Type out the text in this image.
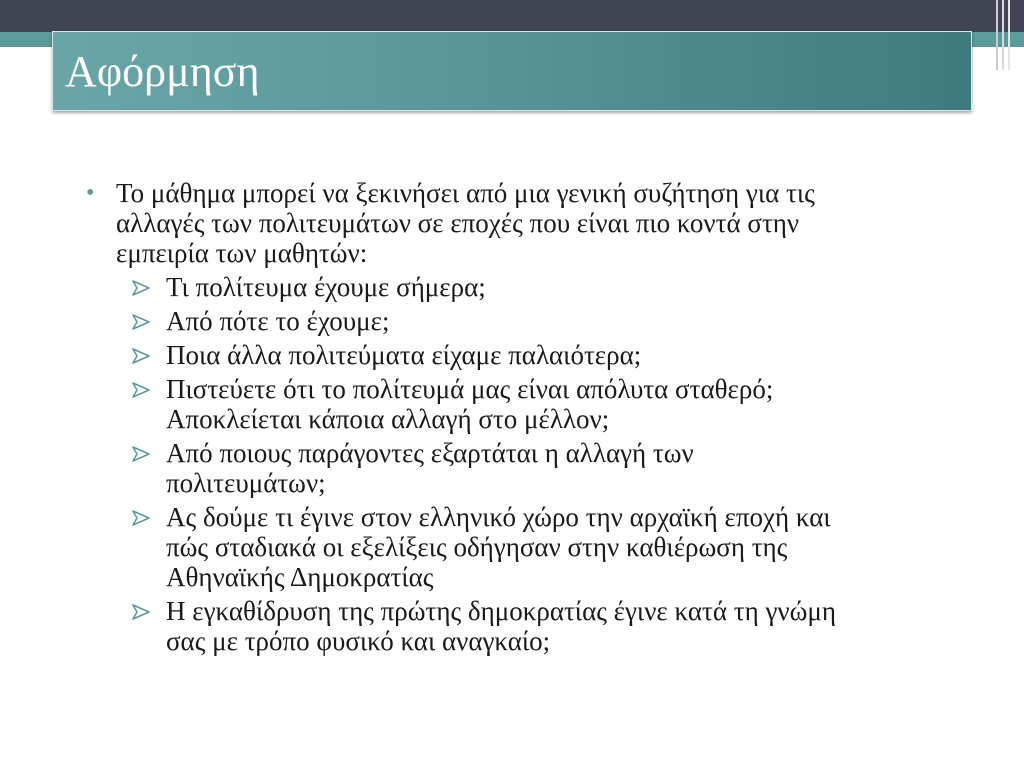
Αφόρμηση
• Το μάθημα μπορεί να ξεκινήσει από μια γενική συζήτηση για τις
αλλαγές των πολιτευμάτων σε εποχές που είναι πιο κοντά στην
εμπειρία των μαθητών:
Τι πολίτευμα έχουμε σήμερα;
Από πότε το έχουμε;
Ποια άλλα πολιτεύματα είχαμε παλαιότερα;
Πιστεύετε ότι το πολίτευμά μας είναι απόλυτα σταθερό;
Αποκλείεται κάποια αλλαγή στο μέλλον;
Από ποιους παράγοντες εξαρτάται η αλλαγή των
πολιτευμάτων;
Ας δούμε τι έγινε στον ελληνικό χώρο την αρχαϊκή εποχή και
πώς σταδιακά οι εξελίξεις οδήγησαν στην καθιέρωση της
Αθηναϊκής Δημοκρατίας
Η εγκαθίδρυση της πρώτης δημοκρατίας έγινε κατά τη γνώμη
σας με τρόπο φυσικό και αναγκαίο;
